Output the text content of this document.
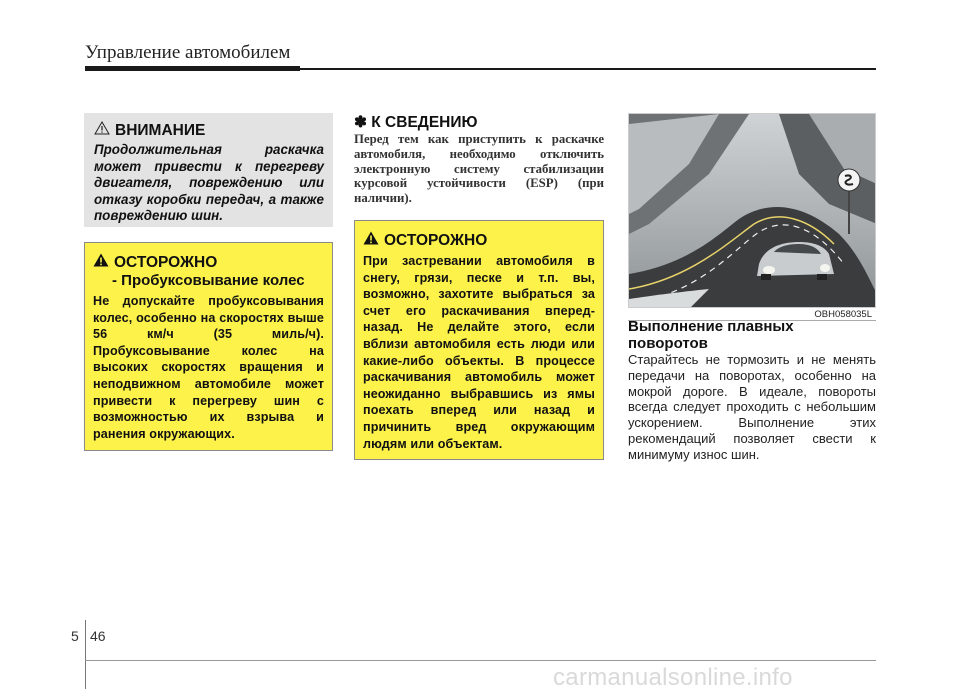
Управление автомобилем
ВНИМАНИЕ
Продолжительная раскачка может привести к перегреву двигателя, повреждению или отказу коробки передач, а также повреждению шин.
ОСТОРОЖНО
- Пробуксовывание колес
Не допускайте пробуксовывания колес, особенно на скоростях выше 56 км/ч (35 миль/ч). Пробуксовывание колес на высоких скоростях вращения и неподвижном автомобиле может привести к перегреву шин с возможностью их взрыва и ранения окружающих.
✽ К СВЕДЕНИЮ
Перед тем как приступить к раскачке автомобиля, необходимо отключить электронную систему стабилизации курсовой устойчивости (ESP) (при наличии).
ОСТОРОЖНО
При застревании автомобиля в снегу, грязи, песке и т.п. вы, возможно, захотите выбраться за счет его раскачивания вперед-назад. Не делайте этого, если вблизи автомобиля есть люди или какие-либо объекты. В процессе раскачивания автомобиль может неожиданно выбравшись из ямы поехать вперед или назад и причинить вред окружающим людям или объектам.
OBH058035L
Выполнение плавных поворотов
Старайтесь не тормозить и не менять передачи на поворотах, особенно на мокрой дороге. В идеале, повороты всегда следует проходить с небольшим ускорением. Выполнение этих рекомендаций позволяет свести к минимуму износ шин.
5 46
carmanualsonline.info
